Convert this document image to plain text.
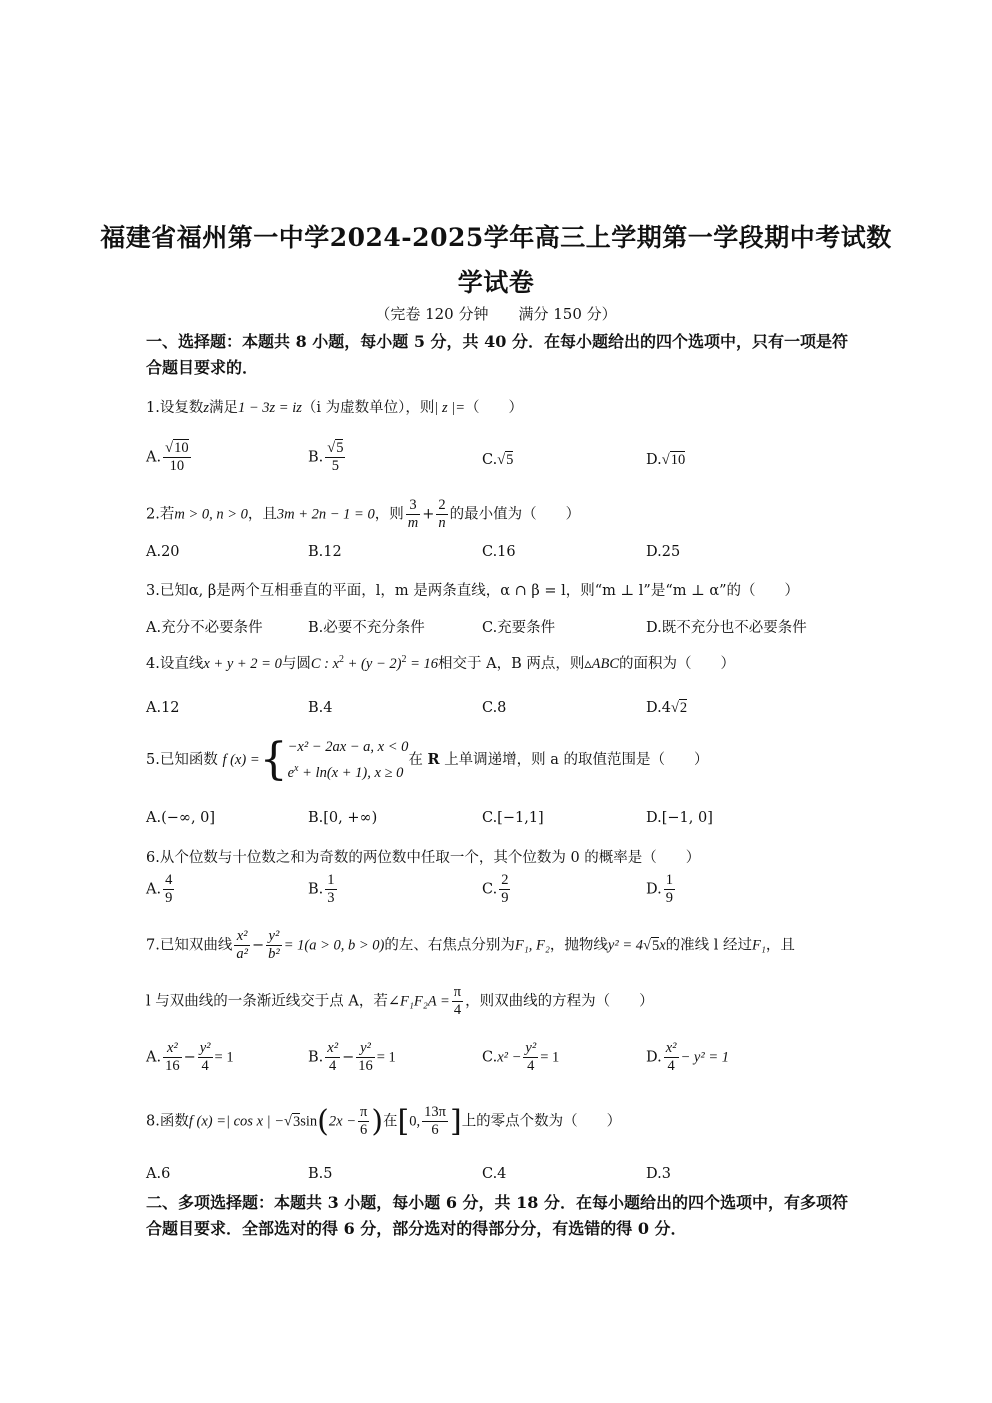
福建省福州第一中学2024-2025学年高三上学期第一学段期中考试数
学试卷
（完卷 120 分钟　　满分 150 分）
一、选择题：本题共 8 小题，每小题 5 分，共 40 分．在每小题给出的四个选项中，只有一项是符合题目要求的．
1.设复数z满足1 − 3z = iz（i 为虚数单位），则| z |=（　　）
A. $\frac{√10}{10}$	B. $\frac{√5}{5}$	C.√5	D.√10
2.若m > 0, n > 0，且3m + 2n − 1 = 0，则 $\frac{3}{m} + \frac{2}{n}$ 的最小值为（　　）
A.20	B.12	C.16	D.25
3.已知α, β是两个互相垂直的平面，l，m 是两条直线，α ∩ β = l，则“m ⊥ l”是“m ⊥ α”的（　　）
A.充分不必要条件	B.必要不充分条件	C.充要条件	D.既不充分也不必要条件
4.设直线x + y + 2 = 0与圆C : $x^2 + (y - 2)^2 = 16$相交于 A，B 两点，则▵ABC的面积为（　　）
A.12	B.4	C.8	D.4√2
5.已知函数 f (x) ={ −x² − 2ax − a, x < 0
$e^x + \ln(x + 1)$, x ≥ 0
在 R 上单调递增，则 a 的取值范围是（　　）
A.(−∞, 0]	B.[0, +∞)	C.[−1,1]	D.[−1, 0]
6.从个位数与十位数之和为奇数的两位数中任取一个，其个位数为 0 的概率是（　　）
A. $\frac{4}{9}$	B. $\frac{1}{3}$	C. $\frac{2}{9}$	D. $\frac{1}{9}$
7.已知双曲线 $\frac{\text{x²}}{\text{a²}} - \frac{\text{y²}}{\text{b²}} = 1(a > 0$, b > 0)的左、右焦点分别为F₁, F₂，抛物线y² = 4√5x的准线 l 经过F₁，且
l 与双曲线的一条渐近线交于点 A，若∠F₁F₂A = $\frac{\pi}{4}$ ，则双曲线的方程为（　　）
A. $\frac{\text{x²}}{16} - \frac{\text{y²}}{4} = 1$	B. $\frac{\text{x²}}{4} - \frac{\text{y²}}{16} = 1$	$C.x^2 - \frac{\text{y²}}{4} = 1$	D. $\frac{\text{x²}}{4} - y^2 = 1$
8.函数f (x) =| cos x | $-√3\sin(2x - \frac{\pi}{6}$ )在[0, $\frac{13\pi}{6}$ ]上的零点个数为（　　）
A.6	B.5	C.4	D.3
二、多项选择题：本题共 3 小题，每小题 6 分，共 18 分．在每小题给出的四个选项中，有多项符合题目要求．全部选对的得 6 分，部分选对的得部分分，有选错的得 0 分．
